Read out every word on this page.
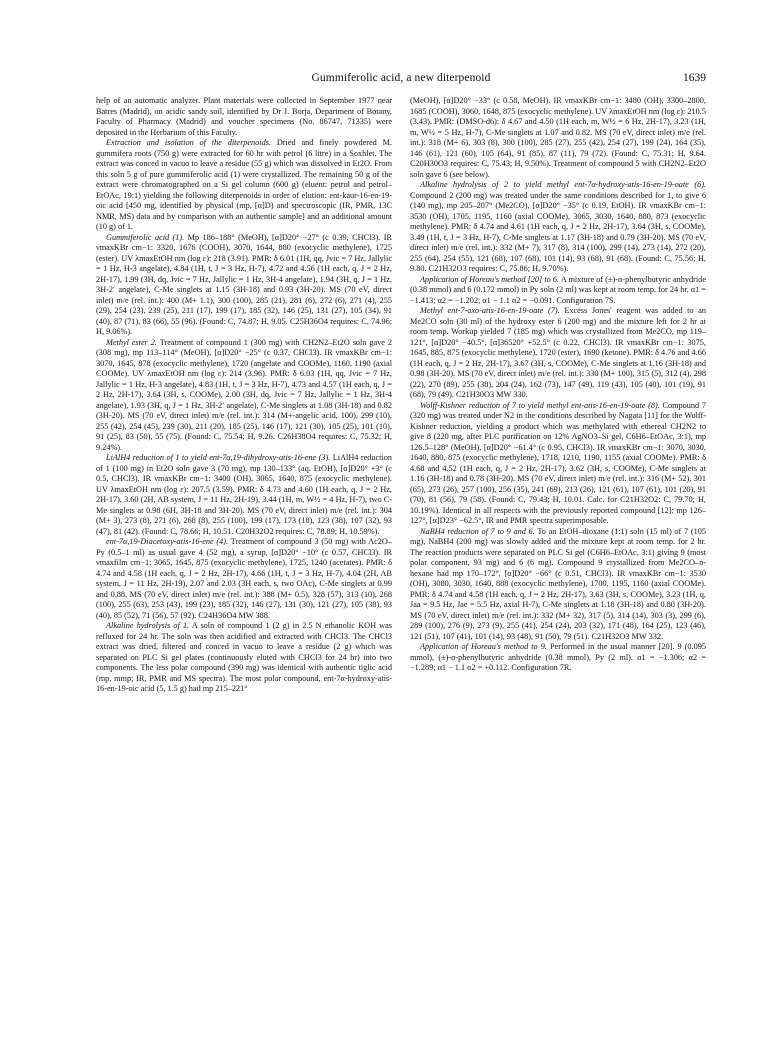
Gummiferolic acid, a new diterpenoid	1639

help of an automatic analyzer. Plant materials were collected in September 1977 near Batres (Madrid), on acidic sandy soil, identified by Dr J. Borja, Department of Botany, Faculty of Pharmacy (Madrid) and voucher specimens (No. 86747, 71335) were deposited in the Herbarium of this Faculty.

Extraction and isolation of the diterpenoids. Dried and finely powdered M. gummifera roots (750 g) were extracted for 60 hr with petrol (6 litre) in a Soxhlet. The extract was conced in vacuo to leave a residue (55 g) which was dissolved in Et2O. From this soln 5 g of pure gummiferolic acid (1) were crystallized. The remaining 50 g of the extract were chromatographed on a Si gel column (600 g) (eluent: petrol and petrol–EtOAc, 19:1) yielding the following diterpenoids in order of elution: ent-kaur-16-en-19-oic acid [450 mg, identified by physical (mp, [α]D) and spectroscopic (IR, PMR, 13C NMR, MS) data and by comparison with an authentic sample] and an additional amount (10 g) of 1.

Gummiferolic acid (1). Mp 186–188° (MeOH), [α]D20° −27° (c 0.39, CHCl3). IR νmaxKBr cm−1: 3320, 1676 (COOH), 3070, 1644, 880 (exocyclic methylene), 1725 (ester). UV λmaxEtOH nm (log ε): 218 (3.91). PMR: δ 6.01 (1H, qq, Jvic = 7 Hz, Jallylic = 1 Hz, H-3 angelate), 4.84 (1H, t, J = 3 Hz, H-7), 4.72 and 4.56 (1H each, q, J = 2 Hz, 2H-17), 1.99 (3H, dq, Jvic = 7 Hz, Jallylic = 1 Hz, 3H-4 angelate), 1.94 (3H, q, J = 1 Hz, 3H-2′ angelate), C-Me singlets at 1.15 (3H-18) and 0.93 (3H-20). MS (70 eV, direct inlet) m/e (rel. int.): 400 (M+ 1.1), 300 (100), 285 (21), 281 (6), 272 (6), 271 (4), 255 (29), 254 (23), 239 (25), 211 (17), 199 (17), 185 (32), 146 (25), 131 (27), 105 (34), 91 (40), 87 (71), 83 (66), 55 (96). (Found: C, 74.87; H, 9.05. C25H36O4 requires: C, 74.96; H, 9.06%).

Methyl ester 2. Treatment of compound 1 (300 mg) with CH2N2–Et2O soln gave 2 (308 mg), mp 113–114° (MeOH), [α]D20° −25° (c 0.37, CHCl3). IR νmaxKBr cm−1: 3070, 1645, 878 (exocyclic methylene), 1720 (angelate and COOMe), 1160, 1190 (axial COOMe). UV λmaxEtOH nm (log ε): 214 (3.96). PMR: δ 6.03 (1H, qq, Jvic = 7 Hz, Jallylic = 1 Hz, H-3 angelate), 4.83 (1H, t, J = 3 Hz, H-7), 4.73 and 4.57 (1H each, q, J = 2 Hz, 2H-17), 3.64 (3H, s, COOMe), 2.00 (3H, dq, Jvic = 7 Hz, Jallylic = 1 Hz, 3H-4 angelate), 1.93 (3H, q, J = 1 Hz, 3H-2′ angelate), C-Me singlets at 1.08 (3H-18) and 0.82 (3H-20). MS (70 eV, direct inlet) m/e (rel. int.): 314 (M+-angelic acid, 100), 299 (10), 255 (42), 254 (45), 239 (30), 211 (20), 185 (25), 146 (17), 121 (30), 105 (25), 101 (10), 91 (25), 83 (50), 55 (75). (Found: C, 75.54; H, 9.26. C26H38O4 requires: C, 75.32; H, 9.24%).

LiAlH4 reduction of 1 to yield ent-7α,19-dihydroxy-atis-16-ene (3). LiAlH4 reduction of 1 (100 mg) in Et2O soln gave 3 (70 mg), mp 130–133° (aq. EtOH), [α]D20° +3° (c 0.5, CHCl3). IR νmaxKBr cm−1: 3400 (OH), 3065, 1640, 875 (exocyclic methylene). UV λmaxEtOH nm (log ε): 207.5 (3.59). PMR: δ 4.73 and 4.60 (1H each, q, J = 2 Hz, 2H-17), 3.60 (2H, AB system, J = 11 Hz, 2H-19), 3.44 (1H, m, W½ = 4 Hz, H-7), two C-Me singlets at 0.98 (6H, 3H-18 and 3H-20). MS (70 eV, direct inlet) m/e (rel. int.): 304 (M+ 3), 273 (8), 271 (6), 268 (8), 255 (100), 199 (17), 173 (18), 123 (38), 107 (32), 93 (47), 81 (42). (Found: C, 78.66; H, 10.51. C20H32O2 requires: C, 78.89; H, 10.59%).

ent-7α,19-Diacetoxy-atis-16-ene (4). Treatment of compound 3 (50 mg) with Ac2O–Py (0.5–1 ml) as usual gave 4 (52 mg), a syrup, [α]D20° −10° (c 0.57, CHCl3). IR νmaxfilm cm−1: 3065, 1645, 875 (exocyclic methylene), 1725, 1240 (acetates). PMR: δ 4.74 and 4.58 (1H each, q, J = 2 Hz, 2H-17), 4.66 (1H, t, J = 3 Hz, H-7), 4.04 (2H, AB system, J = 11 Hz, 2H-19), 2.07 and 2.03 (3H each, s, two OAc), C-Me singlets at 0.99 and 0.88. MS (70 eV, direct inlet) m/e (rel. int.): 388 (M+ 0.5), 328 (57), 313 (10), 268 (100), 255 (63), 253 (43), 199 (23), 185 (32), 146 (27), 131 (30), 121 (27), 105 (38), 93 (40), 85 (52), 71 (56), 57 (92). C24H36O4 MW 388.

Alkaline hydrolysis of 1. A soln of compound 1 (2 g) in 2.5 N ethanolic KOH was refluxed for 24 hr. The soln was then acidified and extracted with CHCl3. The CHCl3 extract was dried, filtered and conced in vacuo to leave a residue (2 g) which was separated on PLC Si gel plates (continuously eluted with CHCl3 for 24 hr) into two components. The less polar compound (390 mg) was identical with authentic tiglic acid (mp, mmp; IR, PMR and MS spectra). The most polar compound, ent-7α-hydroxy-atis-16-en-19-oic acid (5, 1.5 g) had mp 215–221°

(MeOH), [α]D20° −33° (c 0.58, MeOH). IR νmaxKBr cm−1: 3480 (OH), 3300–2800, 1685 (COOH), 3060, 1648, 875 (exocyclic methylene). UV λmaxEtOH nm (log ε): 210.5 (3.43). PMR: (DMSO-d6): δ 4.67 and 4.50 (1H each, m, W½ = 6 Hz, 2H-17), 3.23 (1H, m, W½ = 5 Hz, H-7), C-Me singlets at 1.07 and 0.82. MS (70 eV, direct inlet) m/e (rel. int.): 318 (M+ 6), 303 (8), 300 (100), 285 (27), 255 (42), 254 (27), 199 (24), 164 (35), 146 (61), 121 (60), 105 (64), 91 (85), 87 (11), 79 (72). (Found: C, 75.31; H, 9.64. C20H30O3 requires: C, 75.43; H, 9.50%). Treatment of compound 5 with CH2N2–Et2O soln gave 6 (see below).

Alkaline hydrolysis of 2 to yield methyl ent-7α-hydroxy-atis-16-en-19-oate (6). Compound 2 (200 mg) was treated under the same conditions described for 1, to give 6 (140 mg), mp 205–207° (Me2CO), [α]D20° −35° (c 0.19, EtOH). IR νmaxKBr cm−1: 3530 (OH), 1705, 1195, 1160 (axial COOMe), 3065, 3030, 1640, 880, 873 (exocyclic methylene). PMR: δ 4.74 and 4.61 (1H each, q, J = 2 Hz, 2H-17), 3.64 (3H, s, COOMe), 3.49 (1H, t, J = 3 Hz, H-7), C-Me singlets at 1.17 (3H-18) and 0.79 (3H-20). MS (70 eV, direct inlet) m/e (rel. int.): 332 (M+ 7), 317 (8), 314 (100), 299 (14), 273 (14), 272 (20), 255 (64), 254 (55), 121 (68), 107 (68), 101 (14), 93 (68), 91 (68). (Found: C, 75.56; H, 9.80. C21H32O3 requires: C, 75.86; H, 9.70%).

Application of Horeau's method [20] to 6. A mixture of (±)-α-phenylbutyric anhydride (0.38 mmol) and 6 (0.172 mmol) in Py soln (2 ml) was kept at room temp. for 24 hr. α1 = −1.413; α2 = −1.202; α1 − 1.1 α2 = −0.091. Configuration 7S.

Methyl ent-7-oxo-atis-16-en-19-oate (7). Excess Jones' reagent was added to an Me2CO soln (30 ml) of the hydroxy ester 6 (200 mg) and the mixture left for 2 hr at room temp. Workup yielded 7 (185 mg) which was crystallized from Me2CO, mp 119–121°, [α]D20° −40.5°, [α]36520° +52.5° (c 0.22, CHCl3). IR νmaxKBr cm−1: 3075, 1645, 885, 875 (exocyclic methylene), 1720 (ester), 1690 (ketone). PMR: δ 4.76 and 4.66 (1H each, q, J = 2 Hz, 2H-17), 3.67 (3H, s, COOMe), C-Me singlets at 1.16 (3H-18) and 0.98 (3H-20). MS (70 eV, direct inlet) m/e (rel. int.): 330 (M+ 100), 315 (5), 312 (4), 298 (22), 270 (89), 255 (38), 204 (24), 162 (73), 147 (49), 119 (43), 105 (40), 101 (19), 91 (68), 79 (49). C21H30O3 MW 330.

Wolff-Kishner reduction of 7 to yield methyl ent-atis-16-en-19-oate (8). Compound 7 (320 mg) was treated under N2 in the conditions described by Nagata [11] for the Wolff-Kishner reduction, yielding a product which was methylated with ethereal CH2N2 to give 8 (220 mg, after PLC purification on 12% AgNO3–Si gel, C6H6–EtOAc, 3:1), mp 126.5–128° (MeOH), [α]D20° −61.4° (c 0.95, CHCl3). IR νmaxKBr cm−1: 3070, 3030, 1640, 880, 875 (exocyclic methylene), 1718, 1210, 1190, 1155 (axial COOMe). PMR: δ 4.68 and 4.52 (1H each, q, J = 2 Hz, 2H-17), 3.62 (3H, s, COOMe), C-Me singlets at 1.16 (3H-18) and 0.78 (3H-20). MS (70 eV, direct inlet) m/e (rel. int.): 316 (M+ 52), 301 (65), 273 (26), 257 (100), 256 (35), 241 (69), 213 (26), 121 (61), 107 (61), 101 (20), 91 (70), 81 (56), 79 (58). (Found: C, 79.43; H, 10.01. Calc. for C21H32O2: C, 79.70; H, 10.19%). Identical in all respects with the previously reported compound [12]: mp 126–127°, [α]D23° −62.5°, IR and PMR spectra superimposable.

NaBH4 reduction of 7 to 9 and 6. To an EtOH–dioxane (1:1) soln (15 ml) of 7 (105 mg), NaBH4 (200 mg) was slowly added and the mixture kept at room temp. for 2 hr. The reaction products were separated on PLC Si gel (C6H6–EtOAc, 3:1) giving 9 (most polar component, 93 mg) and 6 (6 mg). Compound 9 crystallized from Me2CO–n-hexane had mp 170–172°, [α]D20° −66° (c 0.51, CHCl3). IR νmaxKBr cm−1: 3530 (OH), 3080, 3030, 1640, 888 (exocyclic methylene), 1700, 1195, 1160 (axial COOMe). PMR: δ 4.74 and 4.58 (1H each, q, J = 2 Hz, 2H-17), 3.63 (3H, s, COOMe), 3.23 (1H, q, Jaa = 9.5 Hz, Jae = 5.5 Hz, axial H-7), C-Me singlets at 1.18 (3H-18) and 0.80 (3H-20). MS (70 eV, direct inlet) m/e (rel. int.): 332 (M+ 32), 317 (5), 314 (14), 303 (3), 299 (6), 289 (100), 276 (9), 273 (9), 255 (41), 254 (24), 203 (32), 171 (48), 164 (25), 123 (46), 121 (51), 107 (41), 101 (14), 93 (48), 91 (50), 79 (51). C21H32O3 MW 332.

Application of Horeau's method to 9. Performed in the usual manner [20]. 9 (0.095 mmol), (±)-α-phenylbutyric anhydride (0.38 mmol), Py (2 ml). α1 = −1.306; α2 = −1.289; α1 − 1.1 α2 = +0.112. Configuration 7R.
